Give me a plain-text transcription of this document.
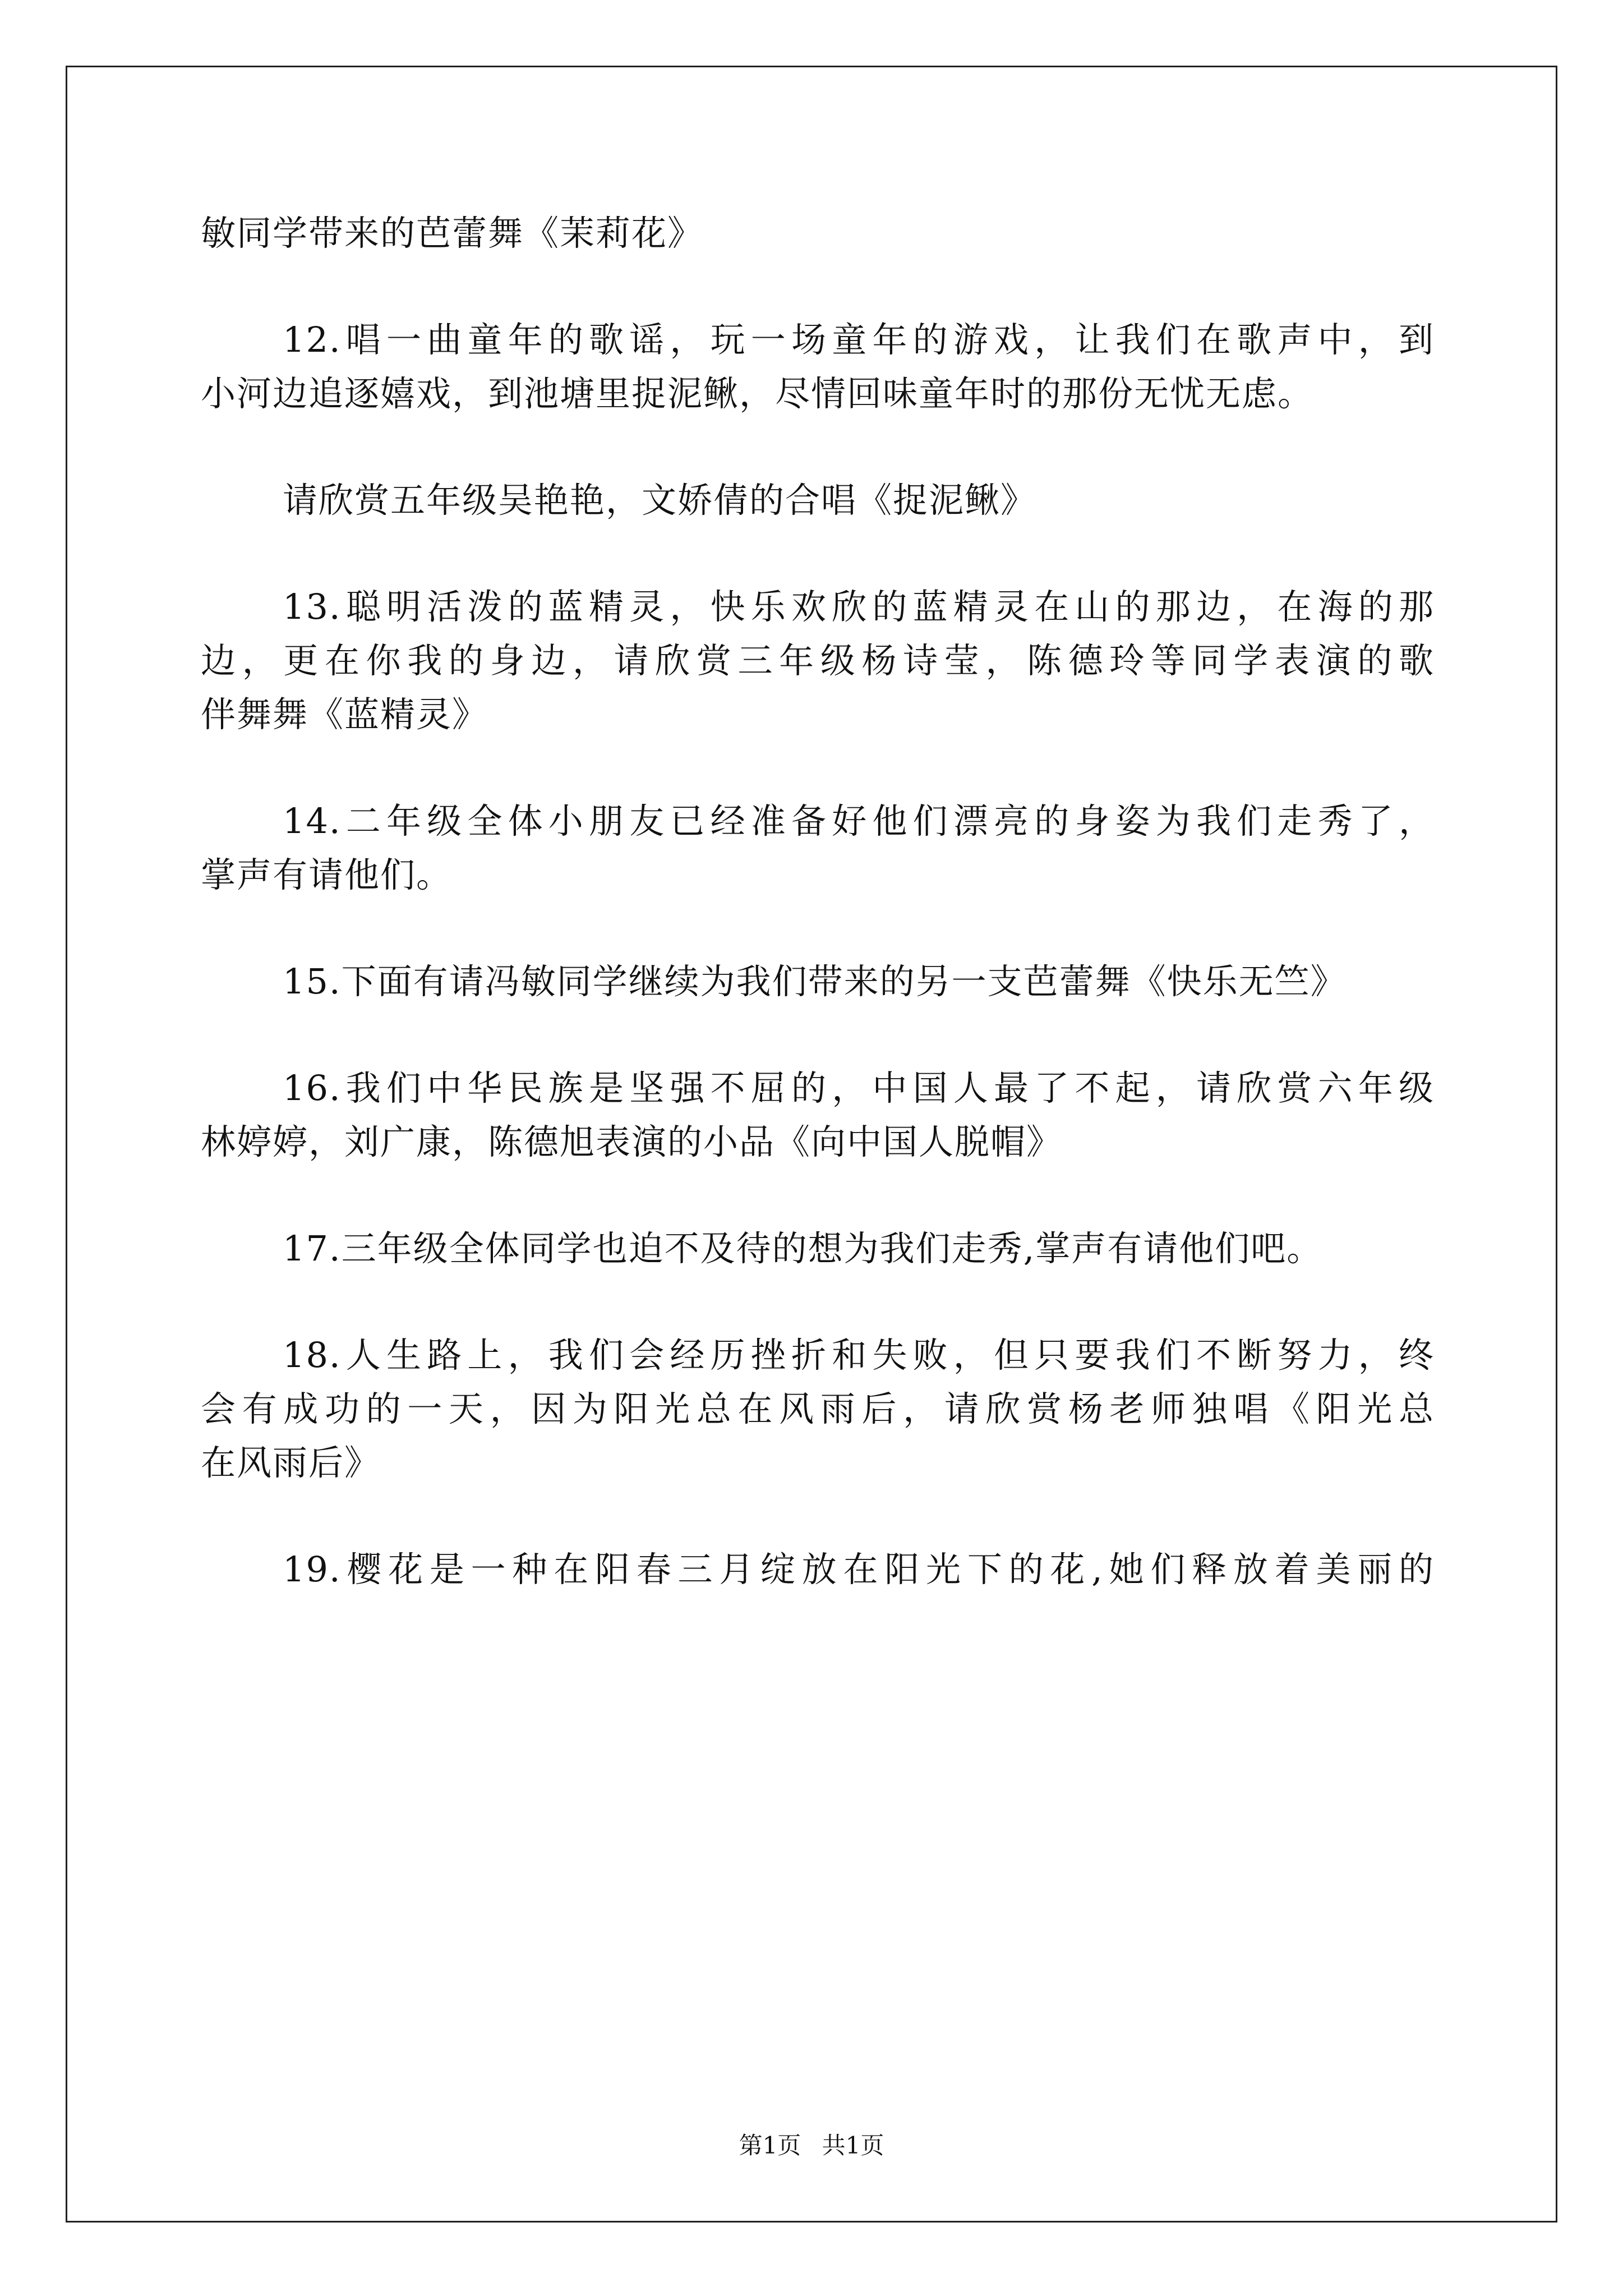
敏同学带来的芭蕾舞《茉莉花》
12.唱一曲童年的歌谣，玩一场童年的游戏，让我们在歌声中，到
小河边追逐嬉戏，到池塘里捉泥鳅，尽情回味童年时的那份无忧无虑。
请欣赏五年级吴艳艳，文娇倩的合唱《捉泥鳅》
13.聪明活泼的蓝精灵，快乐欢欣的蓝精灵在山的那边，在海的那
边，更在你我的身边，请欣赏三年级杨诗莹，陈德玲等同学表演的歌
伴舞舞《蓝精灵》
14.二年级全体小朋友已经准备好他们漂亮的身姿为我们走秀了，
掌声有请他们。
15.下面有请冯敏同学继续为我们带来的另一支芭蕾舞《快乐无竺》
16.我们中华民族是坚强不屈的，中国人最了不起，请欣赏六年级
林婷婷，刘广康，陈德旭表演的小品《向中国人脱帽》
17.三年级全体同学也迫不及待的想为我们走秀,掌声有请他们吧。
18.人生路上，我们会经历挫折和失败，但只要我们不断努力，终
会有成功的一天，因为阳光总在风雨后，请欣赏杨老师独唱《阳光总
在风雨后》
19.樱花是一种在阳春三月绽放在阳光下的花,她们释放着美丽的
第1页 共1页
